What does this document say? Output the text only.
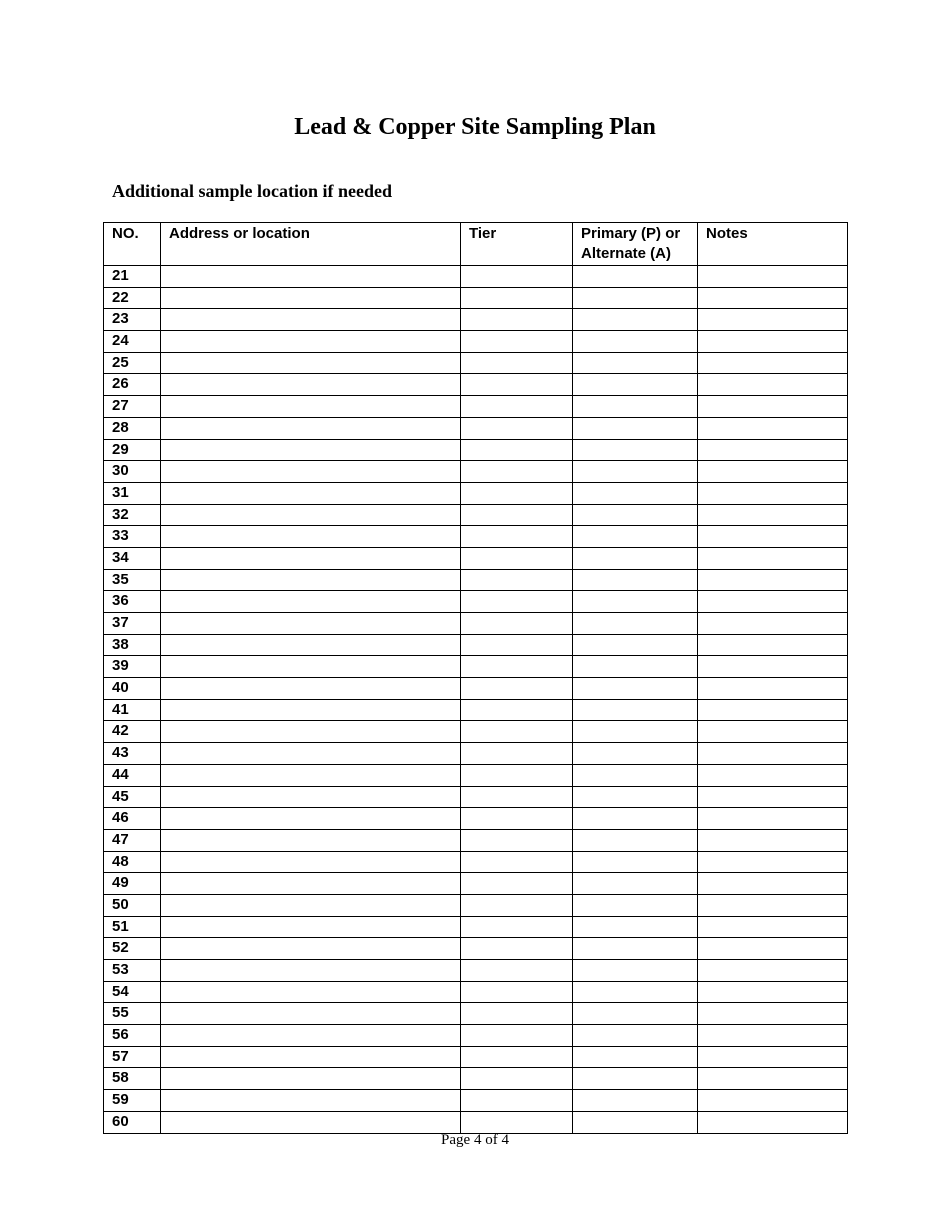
Lead & Copper Site Sampling Plan
Additional sample location if needed
NO.	Address or location	Tier	Primary (P) or Alternate (A)	Notes
21				
22				
23				
24				
25				
26				
27				
28				
29				
30				
31				
32				
33				
34				
35				
36				
37				
38				
39				
40				
41				
42				
43				
44				
45				
46				
47				
48				
49				
50				
51				
52				
53				
54				
55				
56				
57				
58				
59				
60				
Page 4 of 4
